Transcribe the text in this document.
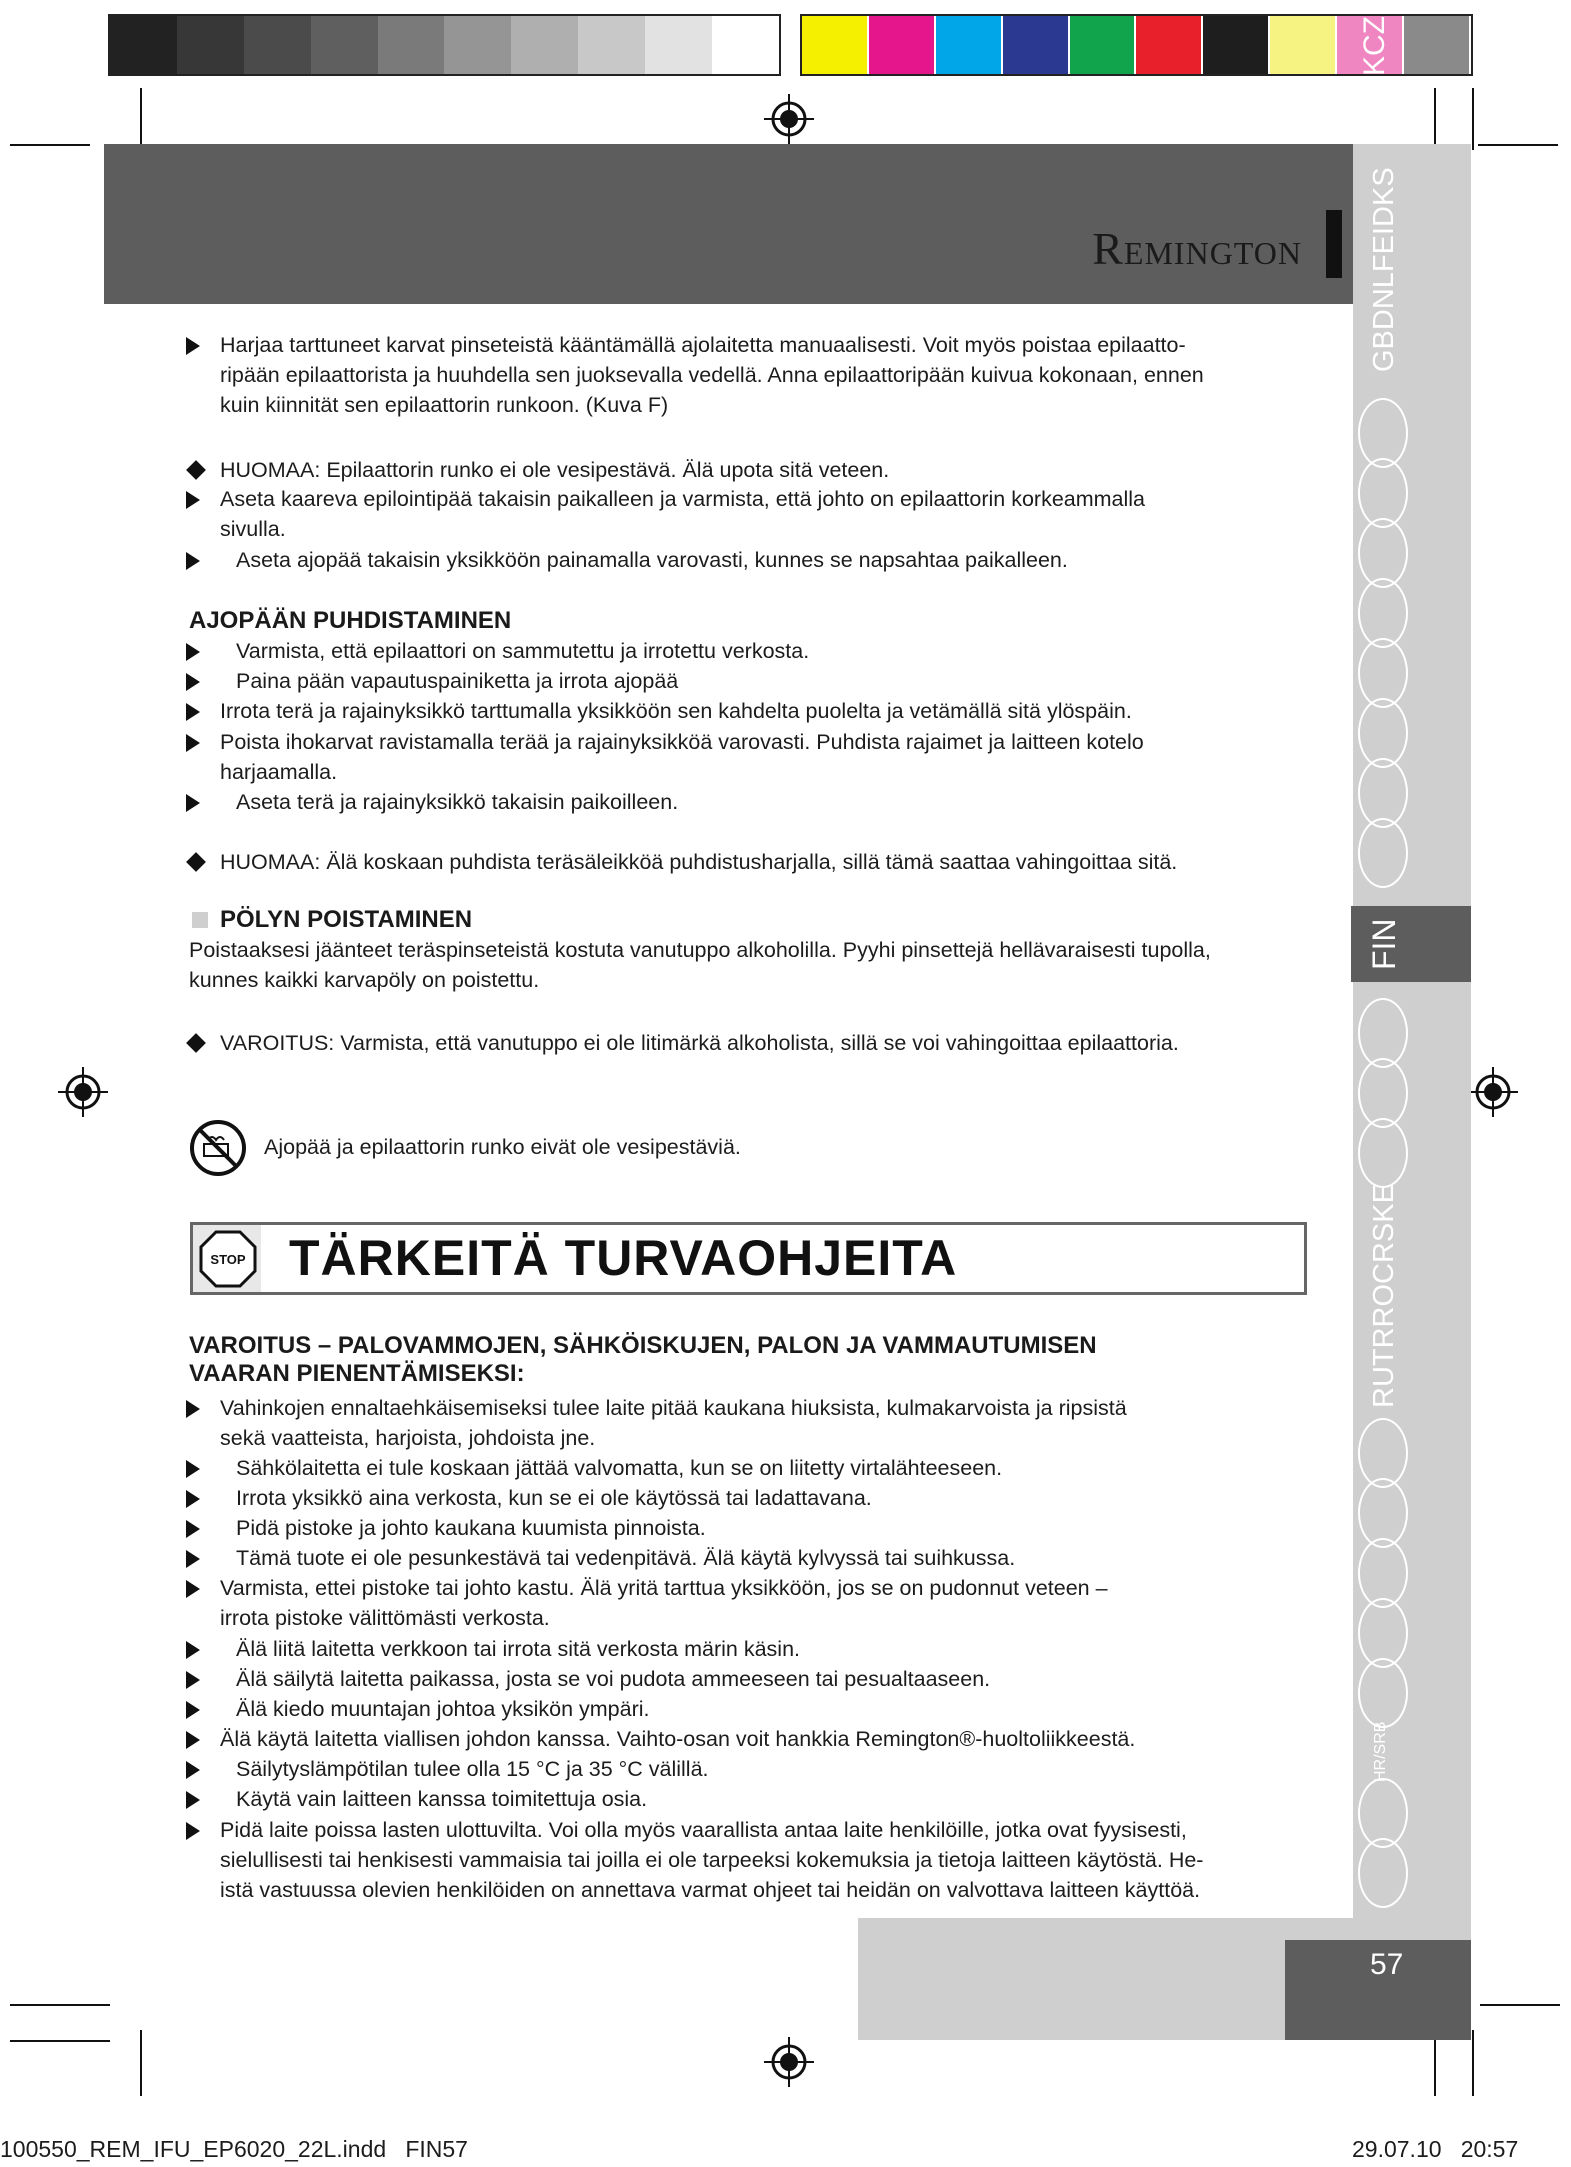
KCZ
Remington GBDNLFEIDKS
FIN
RUTRROCRSKE
HR/SRB
Harjaa tarttuneet karvat pinseteistä kääntämällä ajolaitetta manuaalisesti. Voit myös poistaa epilaatto-
ripään epilaattorista ja huuhdella sen juoksevalla vedellä. Anna epilaattoripään kuivua kokonaan, ennen
kuin kiinnität sen epilaattorin runkoon. (Kuva F)
HUOMAA: Epilaattorin runko ei ole vesipestävä. Älä upota sitä veteen.
Aseta kaareva epilointipää takaisin paikalleen ja varmista, että johto on epilaattorin korkeammalla
sivulla.
Aseta ajopää takaisin yksikköön painamalla varovasti, kunnes se napsahtaa paikalleen.
AJOPÄÄN PUHDISTAMINEN
Varmista, että epilaattori on sammutettu ja irrotettu verkosta.
Paina pään vapautuspainiketta ja irrota ajopää
Irrota terä ja rajainyksikkö tarttumalla yksikköön sen kahdelta puolelta ja vetämällä sitä ylöspäin.
Poista ihokarvat ravistamalla terää ja rajainyksikköä varovasti. Puhdista rajaimet ja laitteen kotelo
harjaamalla.
Aseta terä ja rajainyksikkö takaisin paikoilleen.
HUOMAA: Älä koskaan puhdista teräsäleikköä puhdistusharjalla, sillä tämä saattaa vahingoittaa sitä.
PÖLYN POISTAMINEN
Poistaaksesi jäänteet teräspinseteistä kostuta vanutuppo alkoholilla. Pyyhi pinsettejä hellävaraisesti tupolla,
kunnes kaikki karvapöly on poistettu.
VAROITUS: Varmista, että vanutuppo ei ole litimärkä alkoholista, sillä se voi vahingoittaa epilaattoria.
Ajopää ja epilaattorin runko eivät ole vesipestäviä.
STOP TÄRKEITÄ TURVAOHJEITA
VAROITUS – PALOVAMMOJEN, SÄHKÖISKUJEN, PALON JA VAMMAUTUMISEN
VAARAN PIENENTÄMISEKSI:
Vahinkojen ennaltaehkäisemiseksi tulee laite pitää kaukana hiuksista, kulmakarvoista ja ripsistä
sekä vaatteista, harjoista, johdoista jne.
Sähkölaitetta ei tule koskaan jättää valvomatta, kun se on liitetty virtalähteeseen.
Irrota yksikkö aina verkosta, kun se ei ole käytössä tai ladattavana.
Pidä pistoke ja johto kaukana kuumista pinnoista.
Tämä tuote ei ole pesunkestävä tai vedenpitävä. Älä käytä kylvyssä tai suihkussa.
Varmista, ettei pistoke tai johto kastu. Älä yritä tarttua yksikköön, jos se on pudonnut veteen –
irrota pistoke välittömästi verkosta.
Älä liitä laitetta verkkoon tai irrota sitä verkosta märin käsin.
Älä säilytä laitetta paikassa, josta se voi pudota ammeeseen tai pesualtaaseen.
Älä kiedo muuntajan johtoa yksikön ympäri.
Älä käytä laitetta viallisen johdon kanssa. Vaihto-osan voit hankkia Remington®-huoltoliikkeestä.
Säilytyslämpötilan tulee olla 15 °C ja 35 °C välillä.
Käytä vain laitteen kanssa toimitettuja osia.
Pidä laite poissa lasten ulottuvilta. Voi olla myös vaarallista antaa laite henkilöille, jotka ovat fyysisesti,
sielullisesti tai henkisesti vammaisia tai joilla ei ole tarpeeksi kokemuksia ja tietoja laitteen käytöstä. He-
istä vastuussa olevien henkilöiden on annettava varmat ohjeet tai heidän on valvottava laitteen käyttöä.
57
100550_REM_IFU_EP6020_22L.indd   FIN57	29.07.10   20:57
